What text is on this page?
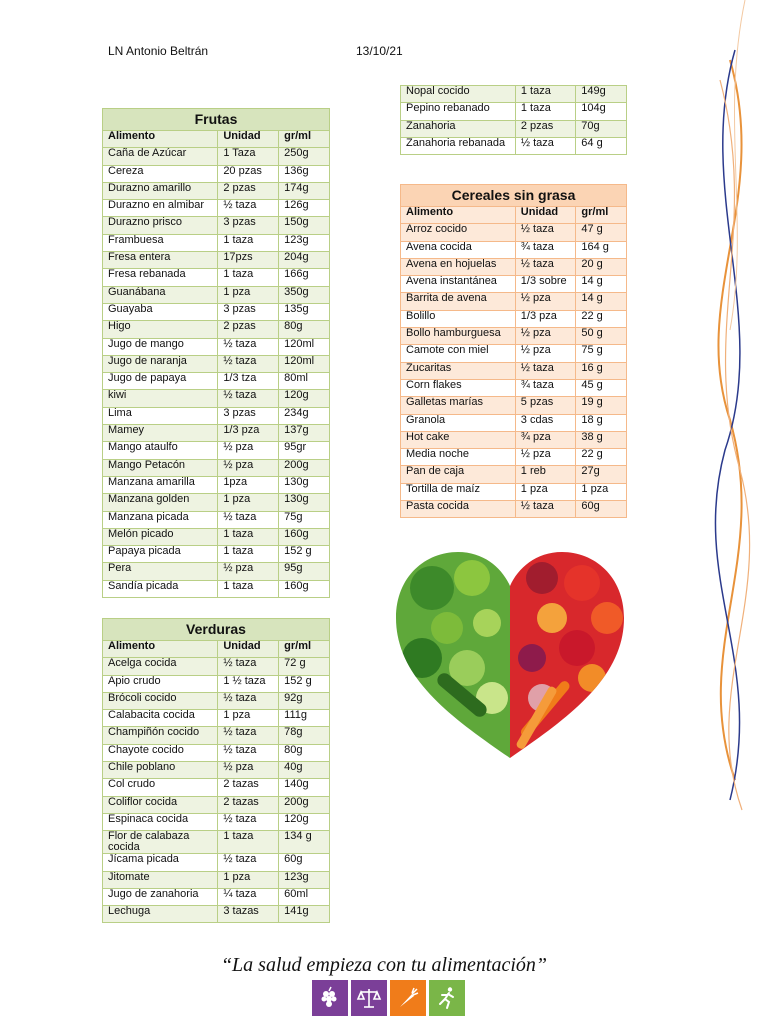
LN Antonio Beltrán	13/10/21
Frutas		
Alimento	Unidad	gr/ml
Caña de Azúcar	1 Taza	250g
Cereza	20 pzas	136g
Durazno amarillo	2 pzas	174g
Durazno en almibar	½ taza	126g
Durazno prisco	3 pzas	150g
Frambuesa	1 taza	123g
Fresa entera	17pzs	204g
Fresa rebanada	1 taza	166g
Guanábana	1 pza	350g
Guayaba	3 pzas	135g
Higo	2 pzas	80g
Jugo de mango	½ taza	120ml
Jugo de naranja	½ taza	120ml
Jugo de papaya	1/3 tza	80ml
kiwi	½ taza	120g
Lima	3 pzas	234g
Mamey	1/3 pza	137g
Mango ataulfo	½ pza	95gr
Mango Petacón	½ pza	200g
Manzana amarilla	1pza	130g
Manzana golden	1 pza	130g
Manzana picada	½ taza	75g
Melón picado	1 taza	160g
Papaya picada	1 taza	152 g
Pera	½ pza	95g
Sandía picada	1 taza	160g
Verduras		
Alimento	Unidad	gr/ml
Acelga cocida	½ taza	72 g
Apio crudo	1 ½ taza	152 g
Brócoli cocido	½ taza	92g
Calabacita cocida	1 pza	111g
Champiñón cocido	½ taza	78g
Chayote cocido	½ taza	80g
Chile poblano	½ pza	40g
Col crudo	2 tazas	140g
Coliflor cocida	2 tazas	200g
Espinaca cocida	½ taza	120g
Flor de calabaza cocida	1 taza	134 g
Jícama picada	½ taza	60g
Jitomate	1 pza	123g
Jugo de zanahoria	¼ taza	60ml
Lechuga	3 tazas	141g
Nopal cocido	1 taza	149g
Pepino rebanado	1 taza	104g
Zanahoria	2 pzas	70g
Zanahoria rebanada	½ taza	64 g
Cereales sin grasa		
Alimento	Unidad	gr/ml
Arroz cocido	½ taza	47 g
Avena cocida	¾ taza	164 g
Avena en hojuelas	½ taza	20 g
Avena instantánea	1/3 sobre	14 g
Barrita de avena	½ pza	14 g
Bolillo	1/3 pza	22 g
Bollo hamburguesa	½ pza	50 g
Camote con miel	½ pza	75 g
Zucaritas	½ taza	16 g
Corn flakes	¾ taza	45 g
Galletas marías	5 pzas	19 g
Granola	3 cdas	18 g
Hot cake	¾ pza	38 g
Media noche	½ pza	22 g
Pan de caja	1 reb	27g
Tortilla de maíz	1 pza	1 pza
Pasta cocida	½ taza	60g
“La salud empieza con tu alimentación”
